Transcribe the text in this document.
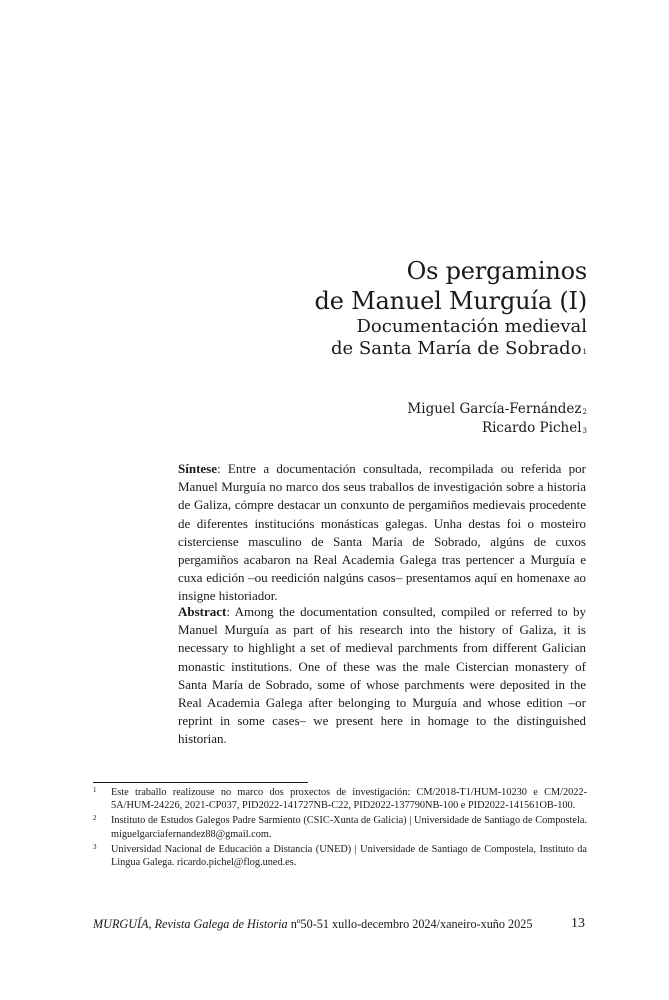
Os pergaminos
de Manuel Murguía (I)
Documentación medieval
de Santa María de Sobrado$^1$
Miguel García-Fernández$^2$
Ricardo Pichel$^3$
Síntese: Entre a documentación consultada, recompilada ou referida por Manuel Murguía no marco dos seus traballos de investigación sobre a historia de Galiza, cómpre destacar un conxunto de pergamiños medievais procedente de diferentes institucións monásticas galegas. Unha destas foi o mosteiro cisterciense masculino de Santa María de Sobrado, algúns de cuxos pergamiños acabaron na Real Academia Galega tras pertencer a Murguía e cuxa edición –ou reedición nalgúns casos– presentamos aquí en homenaxe ao insigne historiador.
Abstract: Among the documentation consulted, compiled or referred to by Manuel Murguía as part of his research into the history of Galiza, it is necessary to highlight a set of medieval parchments from different Galician monastic institutions. One of these was the male Cistercian monastery of Santa María de Sobrado, some of whose parchments were deposited in the Real Academia Galega after belonging to Murguía and whose edition –or reprint in some cases– we present here in homage to the distinguished historian.
1 Este traballo realizouse no marco dos proxectos de investigación: CM/2018-T1/HUM-10230 e CM/2022-5A/HUM-24226, 2021-CP037, PID2022-141727NB-C22, PID2022-137790NB-100 e PID2022-141561OB-100.
2 Instituto de Estudos Galegos Padre Sarmiento (CSIC-Xunta de Galicia) | Universidade de Santiago de Compostela. miguelgarciafernandez88@gmail.com.
3 Universidad Nacional de Educación a Distancia (UNED) | Universidade de Santiago de Compostela, Instituto da Lingua Galega. ricardo.pichel@flog.uned.es.
MURGUÍA, Revista Galega de Historia nº50-51 xullo-decembro 2024/xaneiro-xuño 2025	13
